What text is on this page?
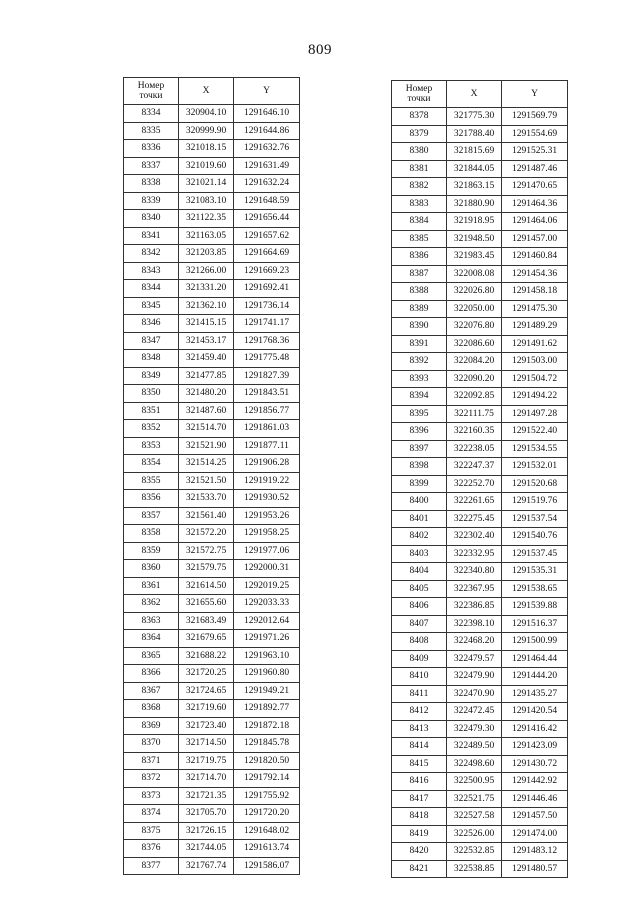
809
Номер
точки	X	Y
8334	320904.10	1291646.10
8335	320999.90	1291644.86
8336	321018.15	1291632.76
8337	321019.60	1291631.49
8338	321021.14	1291632.24
8339	321083.10	1291648.59
8340	321122.35	1291656.44
8341	321163.05	1291657.62
8342	321203.85	1291664.69
8343	321266.00	1291669.23
8344	321331.20	1291692.41
8345	321362.10	1291736.14
8346	321415.15	1291741.17
8347	321453.17	1291768.36
8348	321459.40	1291775.48
8349	321477.85	1291827.39
8350	321480.20	1291843.51
8351	321487.60	1291856.77
8352	321514.70	1291861.03
8353	321521.90	1291877.11
8354	321514.25	1291906.28
8355	321521.50	1291919.22
8356	321533.70	1291930.52
8357	321561.40	1291953.26
8358	321572.20	1291958.25
8359	321572.75	1291977.06
8360	321579.75	1292000.31
8361	321614.50	1292019.25
8362	321655.60	1292033.33
8363	321683.49	1292012.64
8364	321679.65	1291971.26
8365	321688.22	1291963.10
8366	321720.25	1291960.80
8367	321724.65	1291949.21
8368	321719.60	1291892.77
8369	321723.40	1291872.18
8370	321714.50	1291845.78
8371	321719.75	1291820.50
8372	321714.70	1291792.14
8373	321721.35	1291755.92
8374	321705.70	1291720.20
8375	321726.15	1291648.02
8376	321744.05	1291613.74
8377	321767.74	1291586.07
Номер
точки	X	Y
8378	321775.30	1291569.79
8379	321788.40	1291554.69
8380	321815.69	1291525.31
8381	321844.05	1291487.46
8382	321863.15	1291470.65
8383	321880.90	1291464.36
8384	321918.95	1291464.06
8385	321948.50	1291457.00
8386	321983.45	1291460.84
8387	322008.08	1291454.36
8388	322026.80	1291458.18
8389	322050.00	1291475.30
8390	322076.80	1291489.29
8391	322086.60	1291491.62
8392	322084.20	1291503.00
8393	322090.20	1291504.72
8394	322092.85	1291494.22
8395	322111.75	1291497.28
8396	322160.35	1291522.40
8397	322238.05	1291534.55
8398	322247.37	1291532.01
8399	322252.70	1291520.68
8400	322261.65	1291519.76
8401	322275.45	1291537.54
8402	322302.40	1291540.76
8403	322332.95	1291537.45
8404	322340.80	1291535.31
8405	322367.95	1291538.65
8406	322386.85	1291539.88
8407	322398.10	1291516.37
8408	322468.20	1291500.99
8409	322479.57	1291464.44
8410	322479.90	1291444.20
8411	322470.90	1291435.27
8412	322472.45	1291420.54
8413	322479.30	1291416.42
8414	322489.50	1291423.09
8415	322498.60	1291430.72
8416	322500.95	1291442.92
8417	322521.75	1291446.46
8418	322527.58	1291457.50
8419	322526.00	1291474.00
8420	322532.85	1291483.12
8421	322538.85	1291480.57
